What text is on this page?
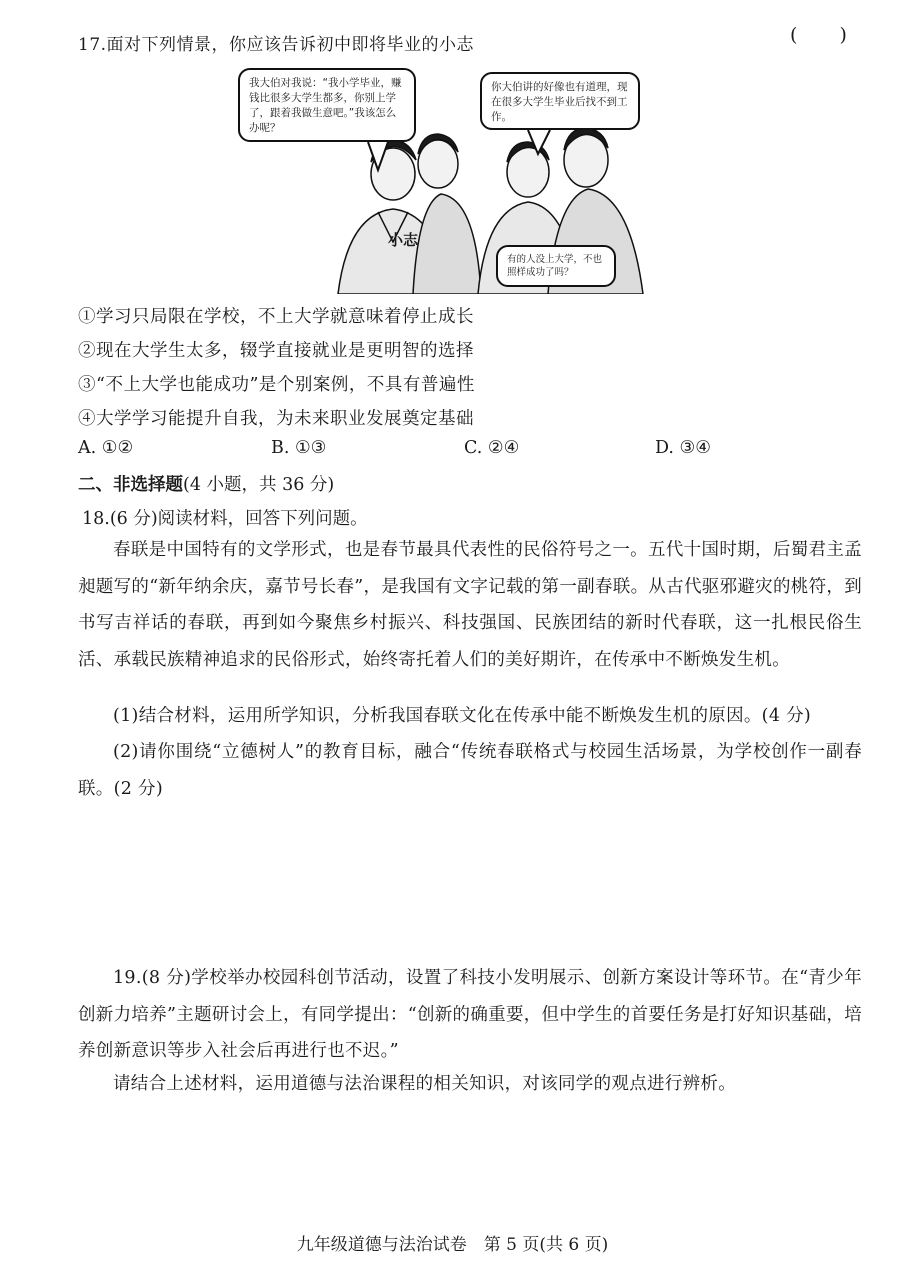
17.面对下列情景，你应该告诉初中即将毕业的小志	( )
我大伯对我说：“我小学毕业，赚钱比很多大学生都多，你别上学了，跟着我做生意吧。”我该怎么办呢？
你大伯讲的好像也有道理，现在很多大学生毕业后找不到工作。
有的人没上大学，不也照样成功了吗？
小志
①学习只局限在学校，不上大学就意味着停止成长
②现在大学生太多，辍学直接就业是更明智的选择
③“不上大学也能成功”是个别案例，不具有普遍性
④大学学习能提升自我，为未来职业发展奠定基础
A. ①②	B. ①③	C. ②④	D. ③④
二、非选择题(4 小题，共 36 分)
18.(6 分)阅读材料，回答下列问题。
春联是中国特有的文学形式，也是春节最具代表性的民俗符号之一。五代十国时期，后蜀君主孟昶题写的“新年纳余庆，嘉节号长春”，是我国有文字记载的第一副春联。从古代驱邪避灾的桃符，到书写吉祥话的春联，再到如今聚焦乡村振兴、科技强国、民族团结的新时代春联，这一扎根民俗生活、承载民族精神追求的民俗形式，始终寄托着人们的美好期许，在传承中不断焕发生机。
(1)结合材料，运用所学知识，分析我国春联文化在传承中能不断焕发生机的原因。(4 分)
(2)请你围绕“立德树人”的教育目标，融合“传统春联格式与校园生活场景，为学校创作一副春联。(2 分)
19.(8 分)学校举办校园科创节活动，设置了科技小发明展示、创新方案设计等环节。在“青少年创新力培养”主题研讨会上，有同学提出：“创新的确重要，但中学生的首要任务是打好知识基础，培养创新意识等步入社会后再进行也不迟。”
请结合上述材料，运用道德与法治课程的相关知识，对该同学的观点进行辨析。
九年级道德与法治试卷　第 5 页(共 6 页)
